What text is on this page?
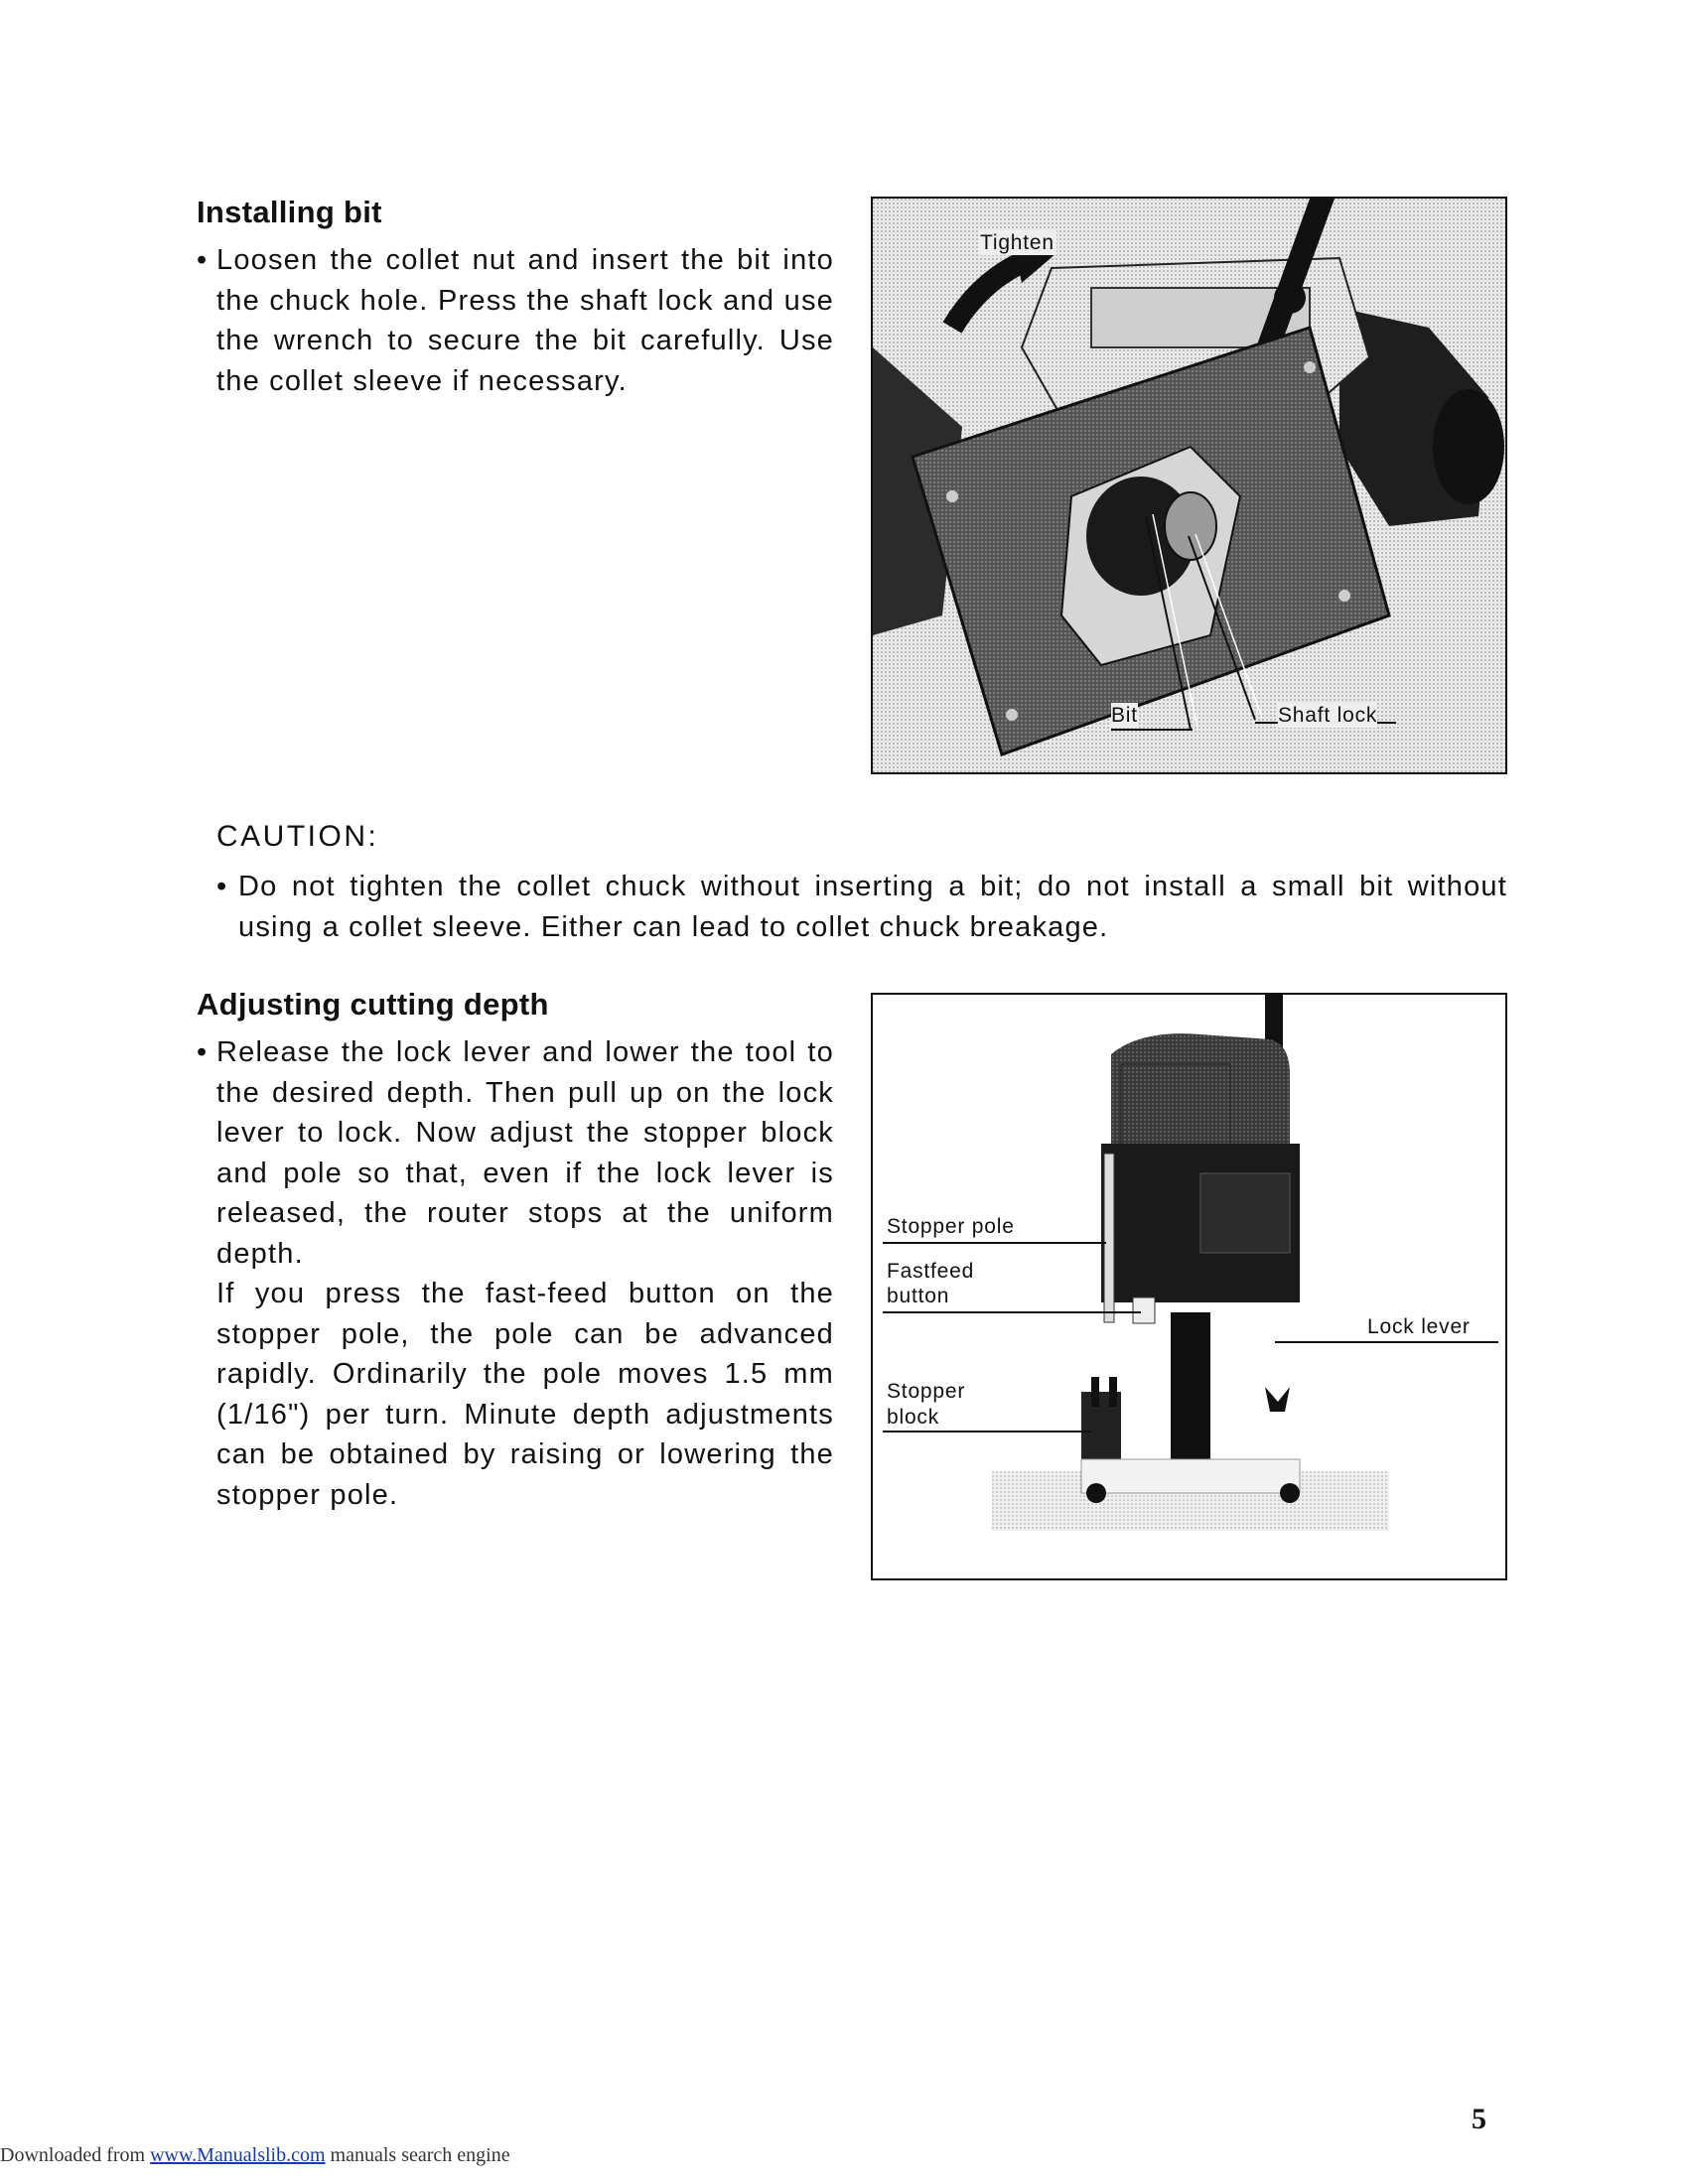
Installing bit
• Loosen the collet nut and insert the bit into the chuck hole. Press the shaft lock and use the wrench to secure the bit carefully. Use the collet sleeve if necessary.
Tighten
Bit	Shaft lock
CAUTION:
• Do not tighten the collet chuck without inserting a bit; do not install a small bit without using a collet sleeve. Either can lead to collet chuck breakage.
Adjusting cutting depth
• Release the lock lever and lower the tool to the desired depth. Then pull up on the lock lever to lock. Now adjust the stopper block and pole so that, even if the lock lever is released, the router stops at the uniform depth.
If you press the fast-feed button on the stopper pole, the pole can be advanced rapidly. Ordinarily the pole moves 1.5 mm (1/16") per turn. Minute depth adjustments can be obtained by raising or lowering the stopper pole.
Stopper pole
Fastfeed
button
Lock lever
Stopper
block
5
Downloaded from www.Manualslib.com manuals search engine
